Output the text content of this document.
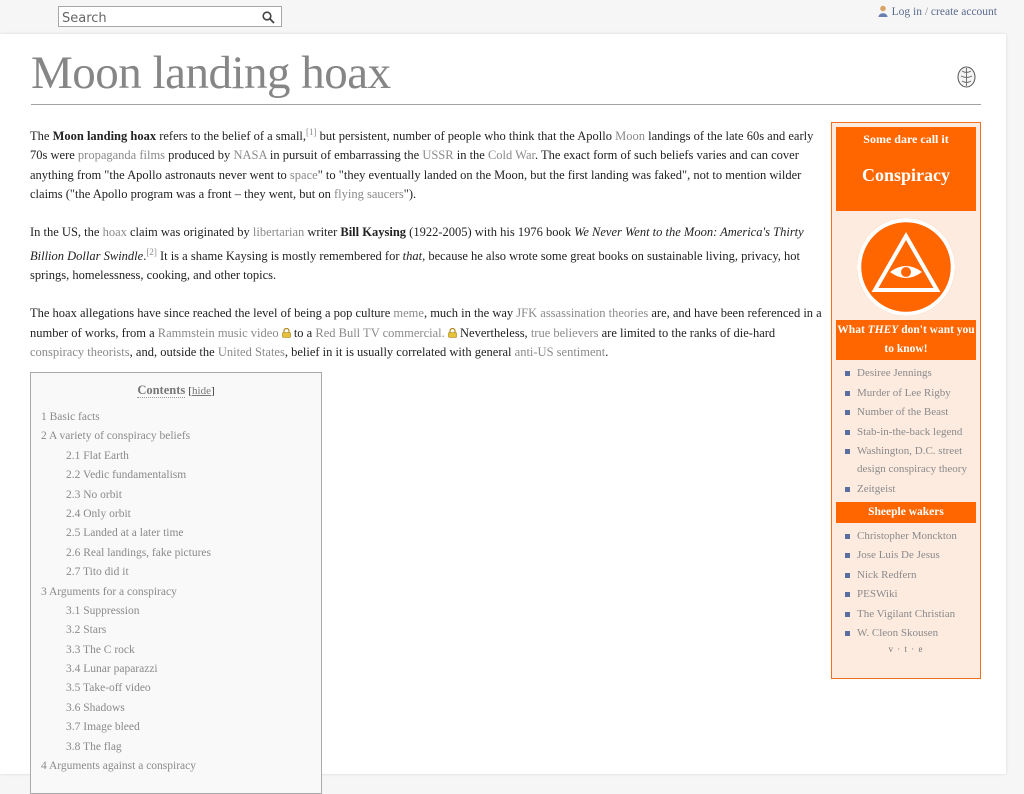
Search
Log in / create account
Moon landing hoax

The Moon landing hoax refers to the belief of a small,[1] but persistent, number of people who think that the Apollo Moon landings of the late 60s and early 70s were propaganda films produced by NASA in pursuit of embarrassing the USSR in the Cold War. The exact form of such beliefs varies and can cover anything from "the Apollo astronauts never went to space" to "they eventually landed on the Moon, but the first landing was faked", not to mention wilder claims ("the Apollo program was a front – they went, but on flying saucers").

In the US, the hoax claim was originated by libertarian writer Bill Kaysing (1922-2005) with his 1976 book We Never Went to the Moon: America's Thirty Billion Dollar Swindle.[2] It is a shame Kaysing is mostly remembered for that, because he also wrote some great books on sustainable living, privacy, hot springs, homelessness, cooking, and other topics.

The hoax allegations have since reached the level of being a pop culture meme, much in the way JFK assassination theories are, and have been referenced in a number of works, from a Rammstein music video  to a Red Bull TV commercial.  Nevertheless, true believers are limited to the ranks of die-hard conspiracy theorists, and, outside the United States, belief in it is usually correlated with general anti-US sentiment.

Contents [hide]
1 Basic facts
2 A variety of conspiracy beliefs
2.1 Flat Earth
2.2 Vedic fundamentalism
2.3 No orbit
2.4 Only orbit
2.5 Landed at a later time
2.6 Real landings, fake pictures
2.7 Tito did it
3 Arguments for a conspiracy
3.1 Suppression
3.2 Stars
3.3 The C rock
3.4 Lunar paparazzi
3.5 Take-off video
3.6 Shadows
3.7 Image bleed
3.8 The flag
4 Arguments against a conspiracy
Some dare call it
Conspiracy
What THEY don't want you to know!
Desiree Jennings
Murder of Lee Rigby
Number of the Beast
Stab-in-the-back legend
Washington, D.C. street design conspiracy theory
Zeitgeist
Sheeple wakers
Christopher Monckton
Jose Luis De Jesus
Nick Redfern
PESWiki
The Vigilant Christian
W. Cleon Skousen
v · t · e
